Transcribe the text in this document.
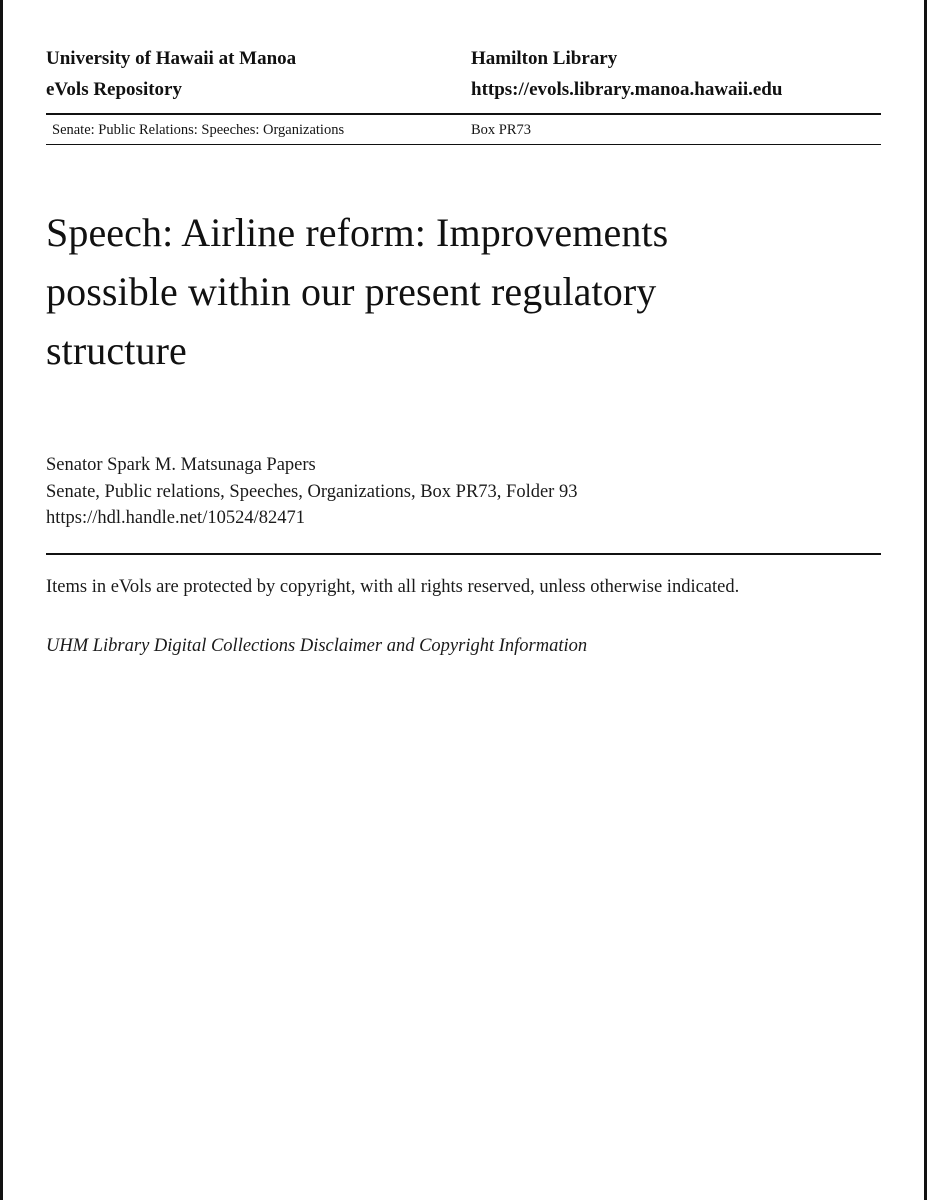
University of Hawaii at Manoa	Hamilton Library
eVols Repository	https://evols.library.manoa.hawaii.edu
Senate: Public Relations: Speeches: Organizations	Box PR73
Speech: Airline reform: Improvements possible within our present regulatory structure
Senator Spark M. Matsunaga Papers
Senate, Public relations, Speeches, Organizations, Box PR73, Folder 93
https://hdl.handle.net/10524/82471
Items in eVols are protected by copyright, with all rights reserved, unless otherwise indicated.
UHM Library Digital Collections Disclaimer and Copyright Information
